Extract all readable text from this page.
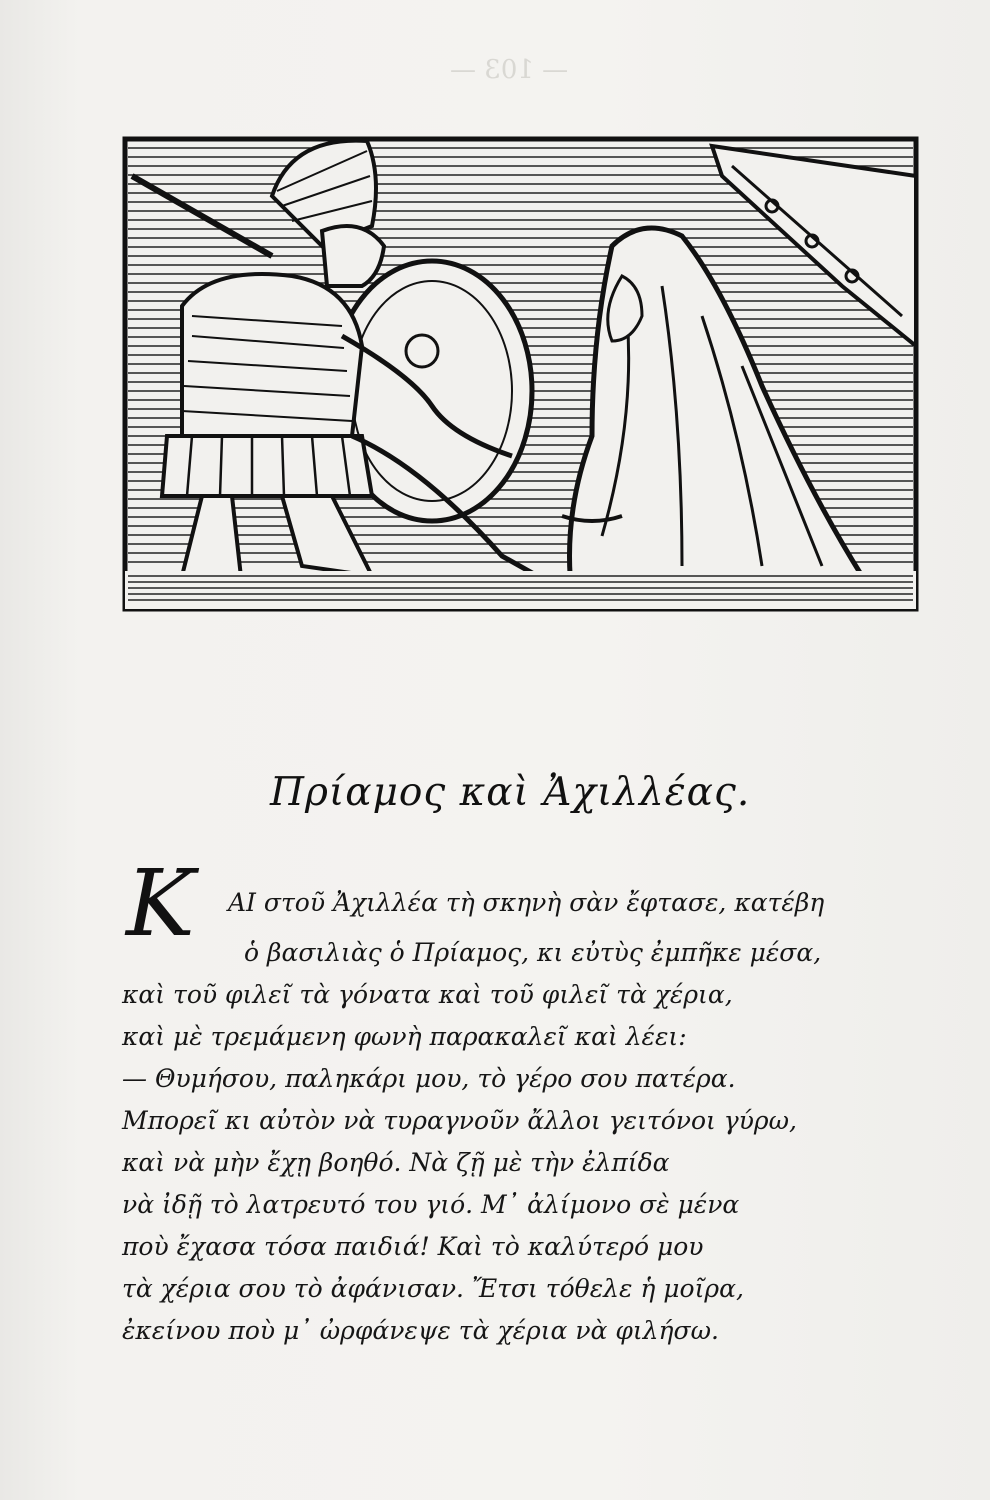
— 103 —
Πρίαμος καὶ Ἀχιλλέας.
K ΑΙ στοῦ Ἀχιλλέα τὴ σκηνὴ σὰν ἔφτασε, κατέβη
ὁ βασιλιὰς ὁ Πρίαμος, κι εὐτὺς ἐμπῆκε μέσα,
καὶ τοῦ φιλεῖ τὰ γόνατα καὶ τοῦ φιλεῖ τὰ χέρια,
καὶ μὲ τρεμάμενη φωνὴ παρακαλεῖ καὶ λέει:
— Θυμήσου, παληκάρι μου, τὸ γέρο σου πατέρα.
Μπορεῖ κι αὐτὸν νὰ τυραγνοῦν ἄλλοι γειτόνοι γύρω,
καὶ νὰ μὴν ἔχῃ βοηθό. Νὰ ζῇ μὲ τὴν ἐλπίδα
νὰ ἰδῇ τὸ λατρευτό του γιό. Μ᾿ ἀλίμονο σὲ μένα
ποὺ ἔχασα τόσα παιδιά! Καὶ τὸ καλύτερό μου
τὰ χέρια σου τὸ ἀφάνισαν. Ἔτσι τόθελε ἡ μοῖρα,
ἐκείνου ποὺ μ᾿ ὠρφάνεψε τὰ χέρια νὰ φιλήσω.
